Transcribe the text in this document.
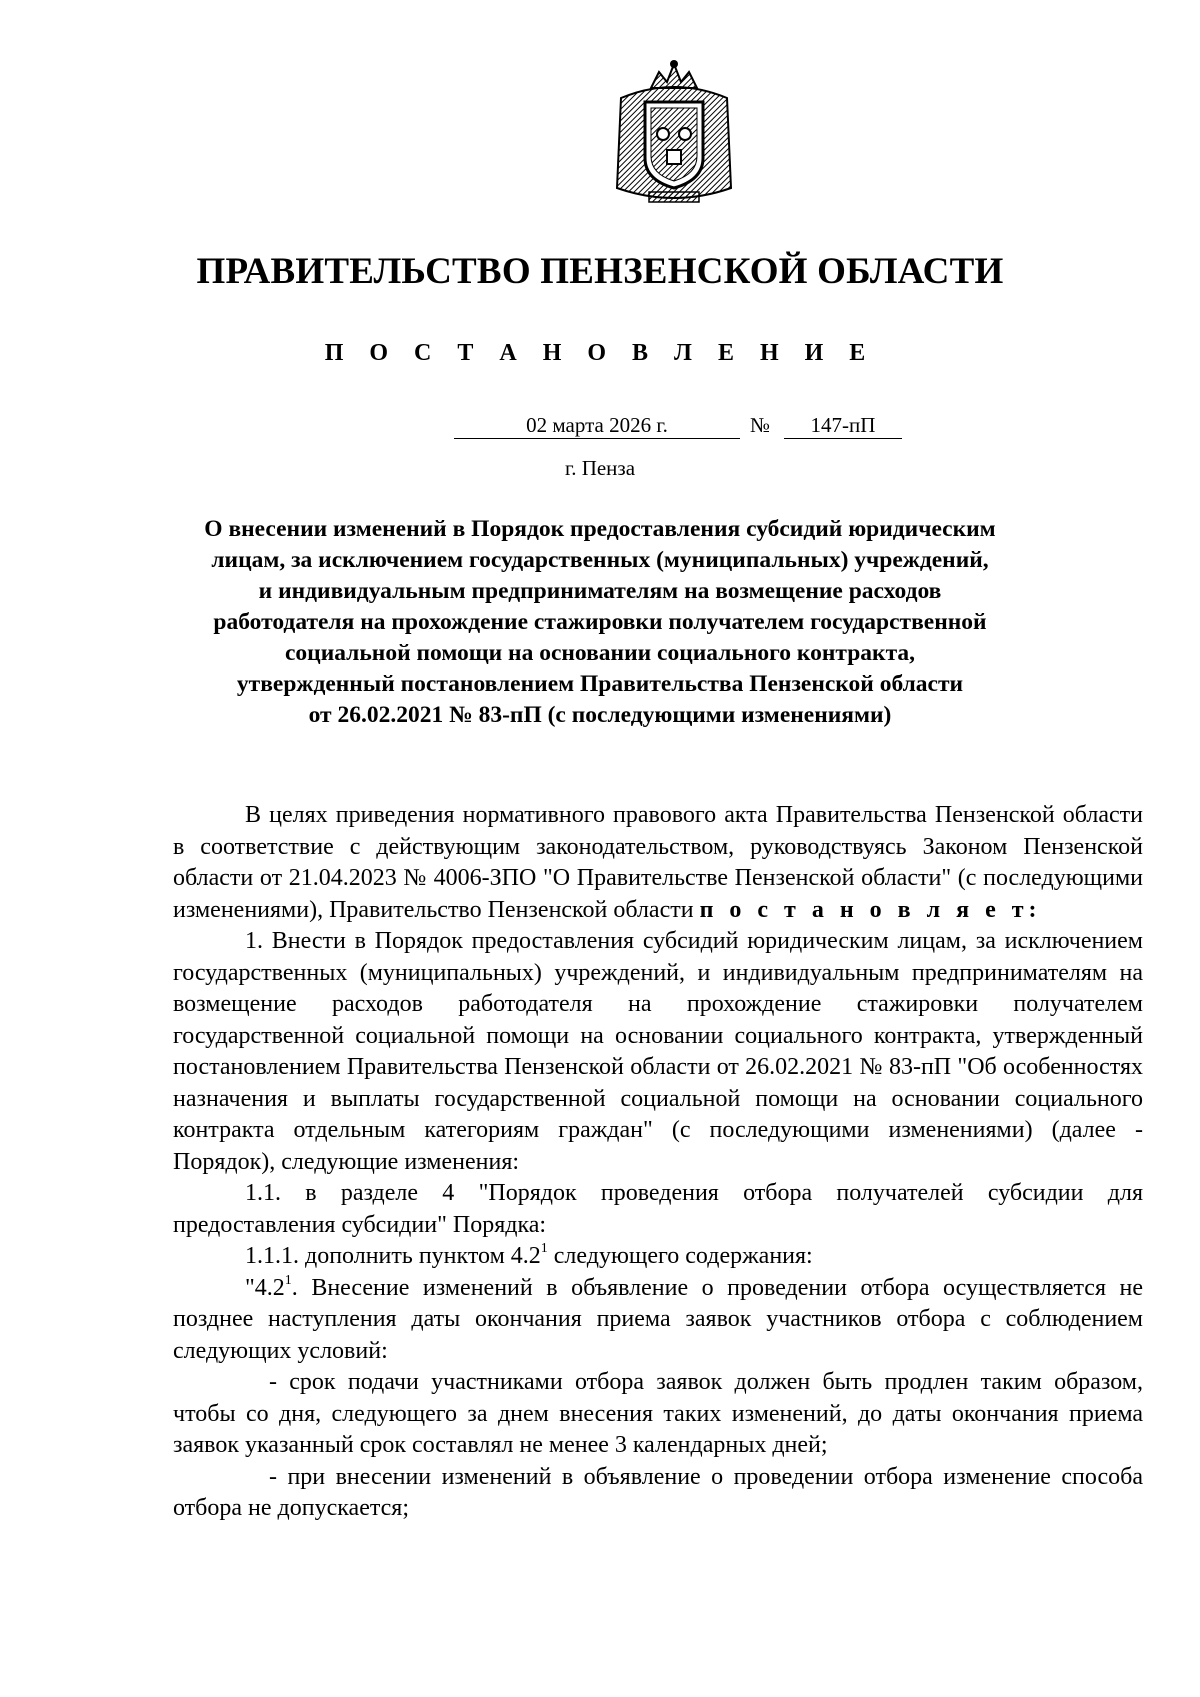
ПРАВИТЕЛЬСТВО ПЕНЗЕНСКОЙ ОБЛАСТИ
П О С Т А Н О В Л Е Н И Е
02 марта 2026 г.	№	147-пП
г. Пенза
О внесении изменений в Порядок предоставления субсидий юридическим
лицам, за исключением государственных (муниципальных) учреждений,
и индивидуальным предпринимателям на возмещение расходов
работодателя на прохождение стажировки получателем государственной
социальной помощи на основании социального контракта,
утвержденный постановлением Правительства Пензенской области
от 26.02.2021 № 83-пП (с последующими изменениями)

В целях приведения нормативного правового акта Правительства Пензенской области в соответствие с действующим законодательством, руководствуясь Законом Пензенской области от 21.04.2023 № 4006-ЗПО "О Правительстве Пензенской области" (с последующими изменениями), Правительство Пензенской области п о с т а н о в л я е т:

1. Внести в Порядок предоставления субсидий юридическим лицам, за исключением государственных (муниципальных) учреждений, и индивидуальным предпринимателям на возмещение расходов работодателя на прохождение стажировки получателем государственной социальной помощи на основании социального контракта, утвержденный постановлением Правительства Пензенской области от 26.02.2021 № 83-пП "Об особенностях назначения и выплаты государственной социальной помощи на основании социального контракта отдельным категориям граждан" (с последующими изменениями) (далее - Порядок), следующие изменения:

1.1. в разделе 4 "Порядок проведения отбора получателей субсидии для предоставления субсидии" Порядка:

1.1.1. дополнить пунктом $4.2^1$ следующего содержания:

"$4.2^1$. Внесение изменений в объявление о проведении отбора осуществляется не позднее наступления даты окончания приема заявок участников отбора с соблюдением следующих условий:

- срок подачи участниками отбора заявок должен быть продлен таким образом, чтобы со дня, следующего за днем внесения таких изменений, до даты окончания приема заявок указанный срок составлял не менее 3 календарных дней;

- при внесении изменений в объявление о проведении отбора изменение способа отбора не допускается;
